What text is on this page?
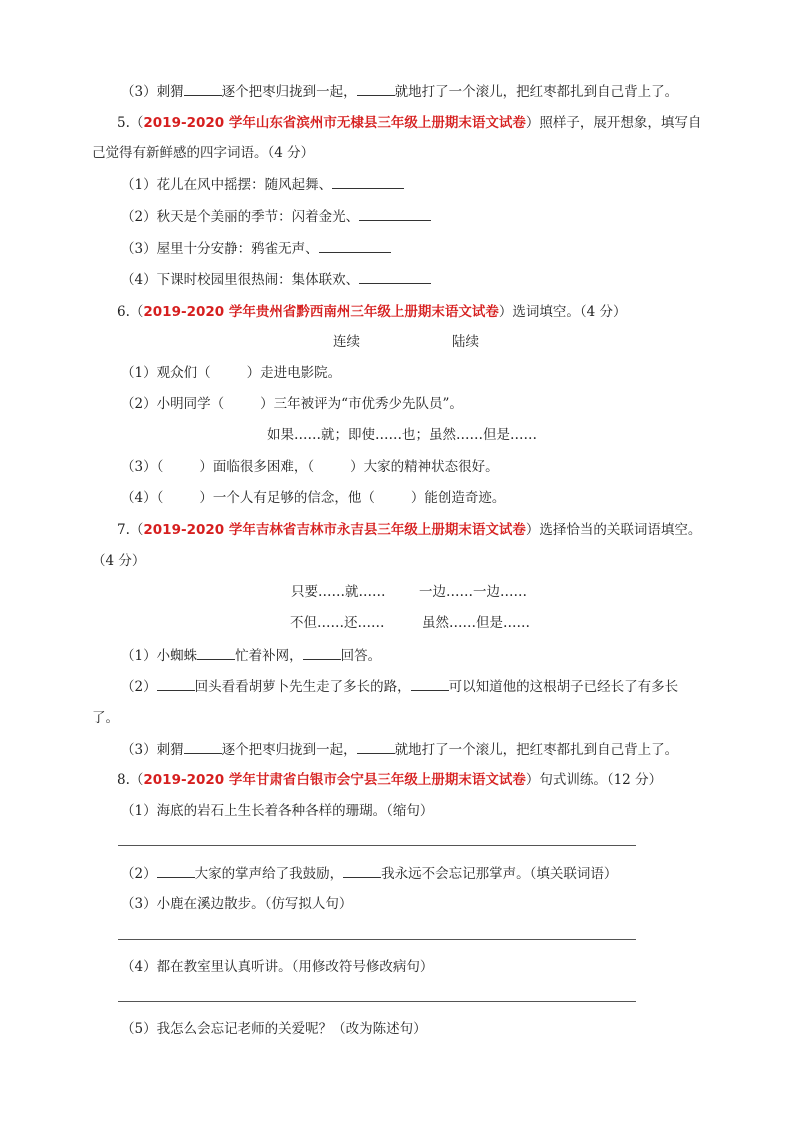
（3）刺猬	逐个把枣归拢到一起，	就地打了一个滚儿，把红枣都扎到自己背上了。
5.（2019-2020 学年山东省滨州市无棣县三年级上册期末语文试卷）照样子，展开想象，填写自
己觉得有新鲜感的四字词语。（4 分）
（1）花儿在风中摇摆：随风起舞、
（2）秋天是个美丽的季节：闪着金光、
（3）屋里十分安静：鸦雀无声、
（4）下课时校园里很热闹：集体联欢、
6.（2019-2020 学年贵州省黔西南州三年级上册期末语文试卷）选词填空。（4 分）
连续	陆续
（1）观众们（	）走进电影院。
（2）小明同学（	）三年被评为“市优秀少先队员”。
如果……就；即使……也；虽然……但是……
（3）（	）面临很多困难，（	）大家的精神状态很好。
（4）（	）一个人有足够的信念，他（	）能创造奇迹。
7.（2019-2020 学年吉林省吉林市永吉县三年级上册期末语文试卷）选择恰当的关联词语填空。
（4 分）
只要……就…… 一边……一边……
不但……还……	虽然……但是……
（1）小蜘蛛	忙着补网，	回答。
（2）	回头看看胡萝卜先生走了多长的路，	可以知道他的这根胡子已经长了有多长
了。
（3）刺猬	逐个把枣归拢到一起，	就地打了一个滚儿，把红枣都扎到自己背上了。
8.（2019-2020 学年甘肃省白银市会宁县三年级上册期末语文试卷）句式训练。（12 分）
（1）海底的岩石上生长着各种各样的珊瑚。（缩句）
（2）	大家的掌声给了我鼓励，	我永远不会忘记那掌声。（填关联词语）
（3）小鹿在溪边散步。（仿写拟人句）
（4）都在教室里认真听讲。（用修改符号修改病句）
（5）我怎么会忘记老师的关爱呢？（改为陈述句）
